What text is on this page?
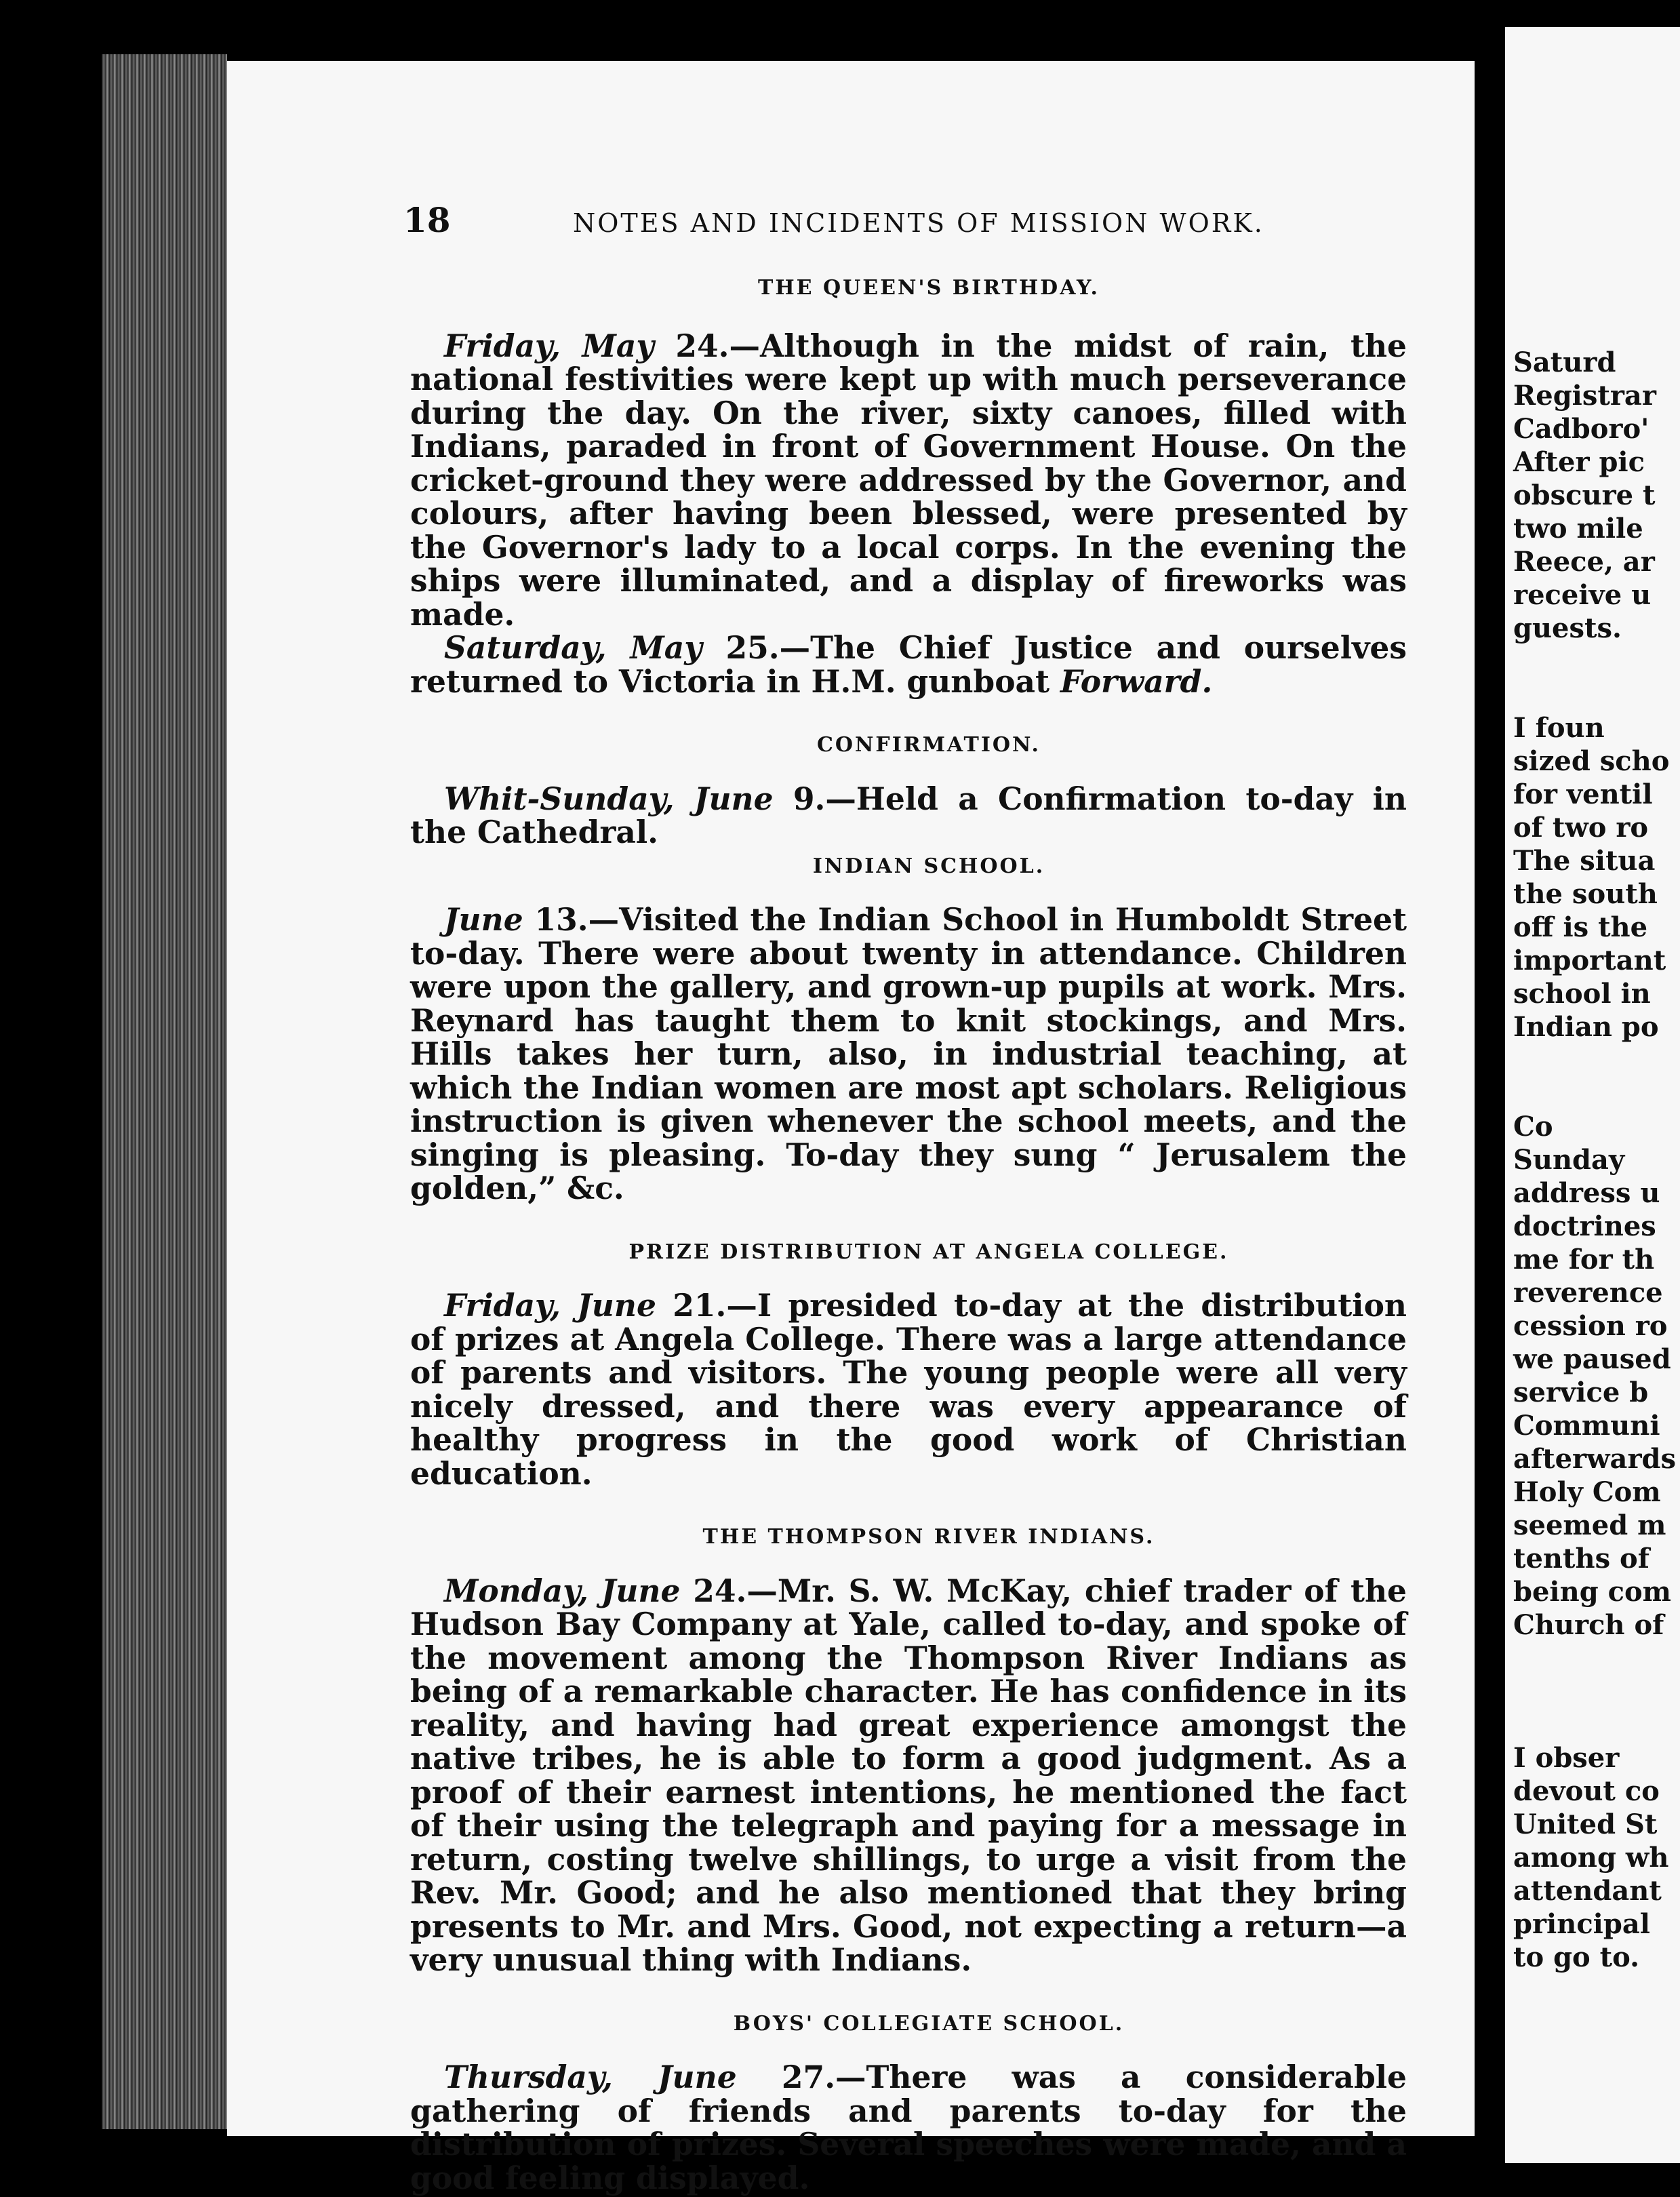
Saturd
Registrar
Cadboro'
After pic
obscure t
two mile
Reece, ar
receive u
guests.
I foun
sized scho
for ventil
of two ro
The situa
the south
off is the
important
school in
Indian po
Co
Sunday
address u
doctrines
me for th
reverence
cession ro
we paused
service b
Communi
afterwards
Holy Com
seemed m
tenths of
being com
Church of
I obser
devout co
United St
among wh
attendant
principal
to go to.
18	NOTES AND INCIDENTS OF MISSION WORK.
THE QUEEN'S BIRTHDAY.

Friday, May 24.—Although in the midst of rain, the national festivities were kept up with much perseverance during the day. On the river, sixty canoes, filled with Indians, paraded in front of Government House. On the cricket-ground they were addressed by the Governor, and colours, after having been blessed, were presented by the Governor's lady to a local corps. In the evening the ships were illuminated, and a display of fireworks was made.

Saturday, May 25.—The Chief Justice and ourselves returned to Victoria in H.M. gunboat Forward.

CONFIRMATION.

Whit-Sunday, June 9.—Held a Confirmation to-day in the Cathedral.

INDIAN SCHOOL.

June 13.—Visited the Indian School in Humboldt Street to-day. There were about twenty in attendance. Children were upon the gallery, and grown-up pupils at work. Mrs. Reynard has taught them to knit stockings, and Mrs. Hills takes her turn, also, in industrial teaching, at which the Indian women are most apt scholars. Religious instruction is given whenever the school meets, and the singing is pleasing. To-day they sung “ Jerusalem the golden,” &c.

PRIZE DISTRIBUTION AT ANGELA COLLEGE.

Friday, June 21.—I presided to-day at the distribution of prizes at Angela College. There was a large attendance of parents and visitors. The young people were all very nicely dressed, and there was every appearance of healthy progress in the good work of Christian education.

THE THOMPSON RIVER INDIANS.

Monday, June 24.—Mr. S. W. McKay, chief trader of the Hudson Bay Company at Yale, called to-day, and spoke of the movement among the Thompson River Indians as being of a remarkable character. He has confidence in its reality, and having had great experience amongst the native tribes, he is able to form a good judgment. As a proof of their earnest intentions, he mentioned the fact of their using the telegraph and paying for a message in return, costing twelve shillings, to urge a visit from the Rev. Mr. Good; and he also mentioned that they bring presents to Mr. and Mrs. Good, not expecting a return—a very unusual thing with Indians.

BOYS' COLLEGIATE SCHOOL.

Thursday, June 27.—There was a considerable gathering of friends and parents to-day for the distribution of prizes. Several speeches were made, and a good feeling displayed.
